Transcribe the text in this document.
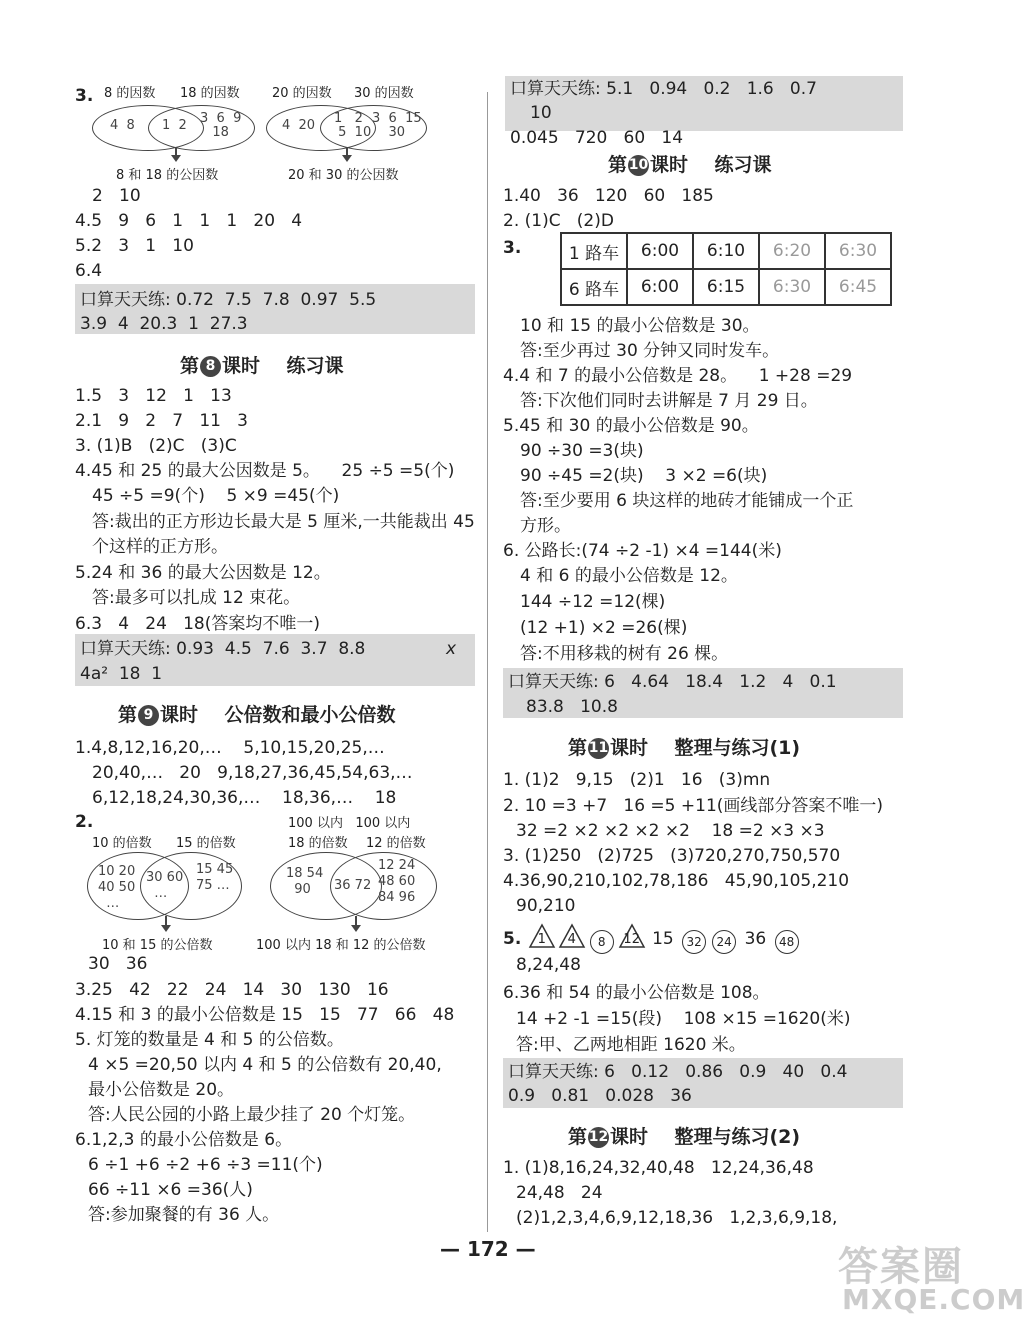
3. 8 的因数 18 的因数
4  8 1  2 3  6  9
18
8 和 18 的公因数
20 的因数 30 的因数
4  20 1   2
5  10
3  6  15
30
20 和 30 的公因数
2   10
4.5   9   6   1   1   1   20   4
5.2   3   1   10
6.4
口算天天练: 0.72  7.5  7.8  0.97  5.5
3.9  4  20.3  1  27.3
第 8 课时    练习课
1.5   3   12   1   13
2.1   9   2   7   11   3
3. (1)B   (2)C   (3)C
4.45 和 25 的最大公因数是 5。    25 ÷5 =5(个)
45 ÷5 =9(个)    5 ×9 =45(个)
答:裁出的正方形边长最大是 5 厘米,一共能裁出 45
个这样的正方形。
5.24 和 36 的最大公因数是 12。
答:最多可以扎成 12 束花。
6.3   4   24   18(答案均不唯一)
口算天天练: 0.93  4.5  7.6  3.7  8.8	x
4a²  18  1
第 9 课时    公倍数和最小公倍数
1.4,8,12,16,20,…    5,10,15,20,25,…
20,40,…   20   9,18,27,36,45,54,63,…
6,12,18,24,30,36,…    18,36,…    18
2.
10 的倍数 15 的倍数
10 20
40 50
…
30 60
…
15 45
75 …
10 和 15 的公倍数
100 以内   100 以内
18 的倍数 12 的倍数
18 54
90	36 72
12 24
48 60
84 96
100 以内 18 和 12 的公倍数
30   36
3.25   42   22   24   14   30   130   16
4.15 和 3 的最小公倍数是 15   15   77   66   48
5. 灯笼的数量是 4 和 5 的公倍数。
4 ×5 =20,50 以内 4 和 5 的公倍数有 20,40,
最小公倍数是 20。
答:人民公园的小路上最少挂了 20 个灯笼。
6.1,2,3 的最小公倍数是 6。
6 ÷1 +6 ÷2 +6 ÷3 =11(个)
66 ÷11 ×6 =36(人)
答:参加聚餐的有 36 人。
口算天天练: 5.1   0.94   0.2   1.6   0.7
10
0.045   720   60   14
第 10课时    练习课
1.40   36   120   60   185
2. (1)C   (2)D
3.	1 路车	6:00	6:10	6:20	6:30
6 路车	6:00	6:15	6:30	6:45
10 和 15 的最小公倍数是 30。
答:至少再过 30 分钟又同时发车。
4.4 和 7 的最小公倍数是 28。    1 +28 =29
答:下次他们同时去讲解是 7 月 29 日。
5.45 和 30 的最小公倍数是 90。
90 ÷30 =3(块)
90 ÷45 =2(块)    3 ×2 =6(块)
答:至少要用 6 块这样的地砖才能铺成一个正
方形。
6. 公路长:(74 ÷2 -1) ×4 =144(米)
4 和 6 的最小公倍数是 12。
144 ÷12 =12(棵)
(12 +1) ×2 =26(棵)
答:不用移栽的树有 26 棵。
口算天天练: 6   4.64   18.4   1.2   4   0.1
83.8   10.8
第 11课时    整理与练习(1)
1. (1)2   9,15   (2)1   16   (3)mn
2. 10 =3 +7   16 =5 +11(画线部分答案不唯一)
32 =2 ×2 ×2 ×2 ×2    18 =2 ×3 ×3
3. (1)250   (2)725   (3)720,270,750,570
4.36,90,210,102,78,186   45,90,105,210
90,210
5.	1	4	8	12 15 32 24 36 48
8,24,48
6.36 和 54 的最小公倍数是 108。
14 +2 -1 =15(段)    108 ×15 =1620(米)
答:甲、乙两地相距 1620 米。
口算天天练: 6   0.12   0.86   0.9   40   0.4
0.9   0.81   0.028   36
第 12课时    整理与练习(2)
1. (1)8,16,24,32,40,48   12,24,36,48
24,48   24
(2)1,2,3,4,6,9,12,18,36   1,2,3,6,9,18,
— 172 —	答案圈
MXQE.COM
